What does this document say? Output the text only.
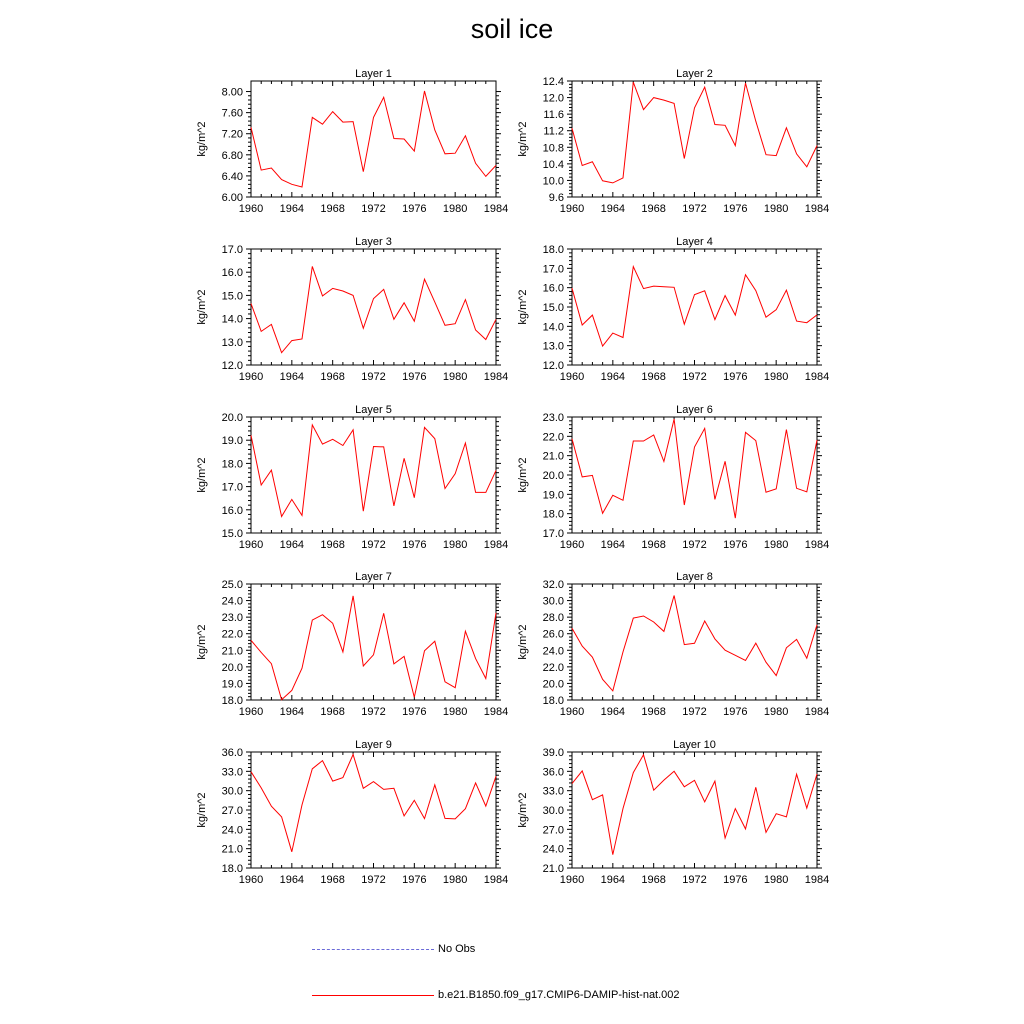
soil ice
Layer 1
kg/m^2
1960 1964 1968 1972 1976 1980 1984
6.00
6.40
6.80
7.20
7.60
8.00
Layer 2
kg/m^2
1960 1964 1968 1972 1976 1980 1984
9.6
10.0
10.4
10.8
11.2
11.6
12.0
12.4
Layer 3
kg/m^2
1960 1964 1968 1972 1976 1980 1984
12.0
13.0
14.0
15.0
16.0
17.0
Layer 4
kg/m^2
1960 1964 1968 1972 1976 1980 1984
12.0
13.0
14.0
15.0
16.0
17.0
18.0
Layer 5
kg/m^2
1960 1964 1968 1972 1976 1980 1984
15.0
16.0
17.0
18.0
19.0
20.0
Layer 6
kg/m^2
1960 1964 1968 1972 1976 1980 1984
17.0
18.0
19.0
20.0
21.0
22.0
23.0
Layer 7
kg/m^2
1960 1964 1968 1972 1976 1980 1984
18.0
19.0
20.0
21.0
22.0
23.0
24.0
25.0
Layer 8
kg/m^2
1960 1964 1968 1972 1976 1980 1984
18.0
20.0
22.0
24.0
26.0
28.0
30.0
32.0
Layer 9
kg/m^2
1960 1964 1968 1972 1976 1980 1984
18.0
21.0
24.0
27.0
30.0
33.0
36.0
Layer 10
kg/m^2
1960 1964 1968 1972 1976 1980 1984
21.0
24.0
27.0
30.0
33.0
36.0
39.0
No Obs
b.e21.B1850.f09_g17.CMIP6-DAMIP-hist-nat.002
